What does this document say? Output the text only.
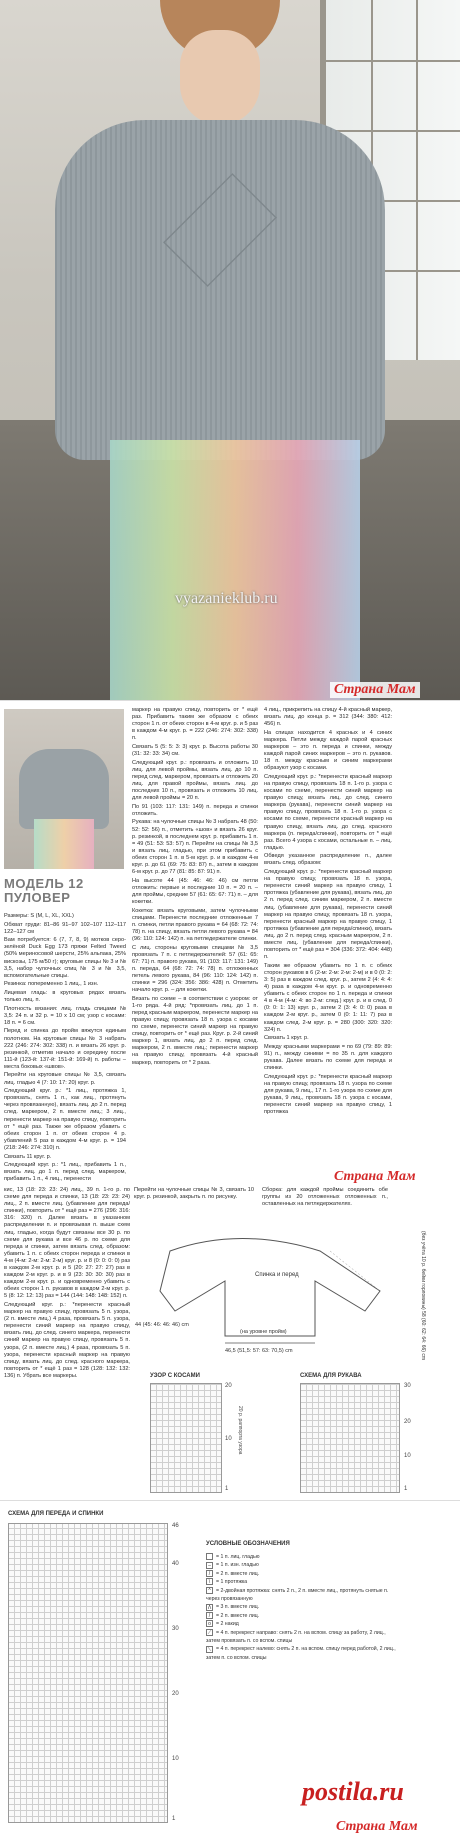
vyazanieklub.ru
Страна Мам
МОДЕЛЬ 12
ПУЛОВЕР

Размеры: S (M, L, XL, XXL)

Обхват груди: 81–86 91–97 102–107 112–117 122–127 см

Вам потребуется: 6 (7, 7, 8, 9) мотков серо-зелёной Duck Egg 173 пряжи Felted Tweed (50% мериносовой шерсти, 25% альпака, 25% вискозы, 175 м/50 г); круговые спицы № 3 и № 3,5, набор чулочных спиц № 3 и № 3,5, вспомогательные спицы.

Резинка: попеременно 1 лиц., 1 изн.

Лицевая гладь: в круговых рядах вязать только лиц. п.

Плотность вязания: лиц. гладь спицами № 3,5: 24 п. и 32 р. = 10 х 10 см; узор с косами: 18 п. = 6 см.

Перед и спинка до пройм вяжутся единым полотном. На круговые спицы № 3 набрать 222 (246: 274: 302: 338) п. и вязать 26 круг. р. резинкой, отметив начало и середину после 111-й (123-й: 137-й: 151-й: 169-й) п. работы – места боковых «швов».

Перейти на круговые спицы № 3,5, связать лиц. гладью 4 (7: 10: 17: 20) круг. р.

Следующий круг. р.: *1 лиц., протяжка 1, провязать, снять 1 п., как лиц., протянуть через провязанную), вязать лиц. до 2 п. перед след. маркером, 2 п. вместе лиц.; 3 лиц., перенести маркер на правую спицу, повторить от * ещё раз. Также же образом убавить с обеих сторон 1 п. от обеих сторон 4 р. убавлений 5 раз в каждом 4-м круг. р. = 194 (218: 246: 274: 310) п.

Связать 11 круг. р.

Следующий круг. р.: *1 лиц., прибавить 1 п., вязать лиц. до 1 п. перед след. маркером, прибавить 1 п., 4 лиц., перенести

маркер на правую спицу, повторить от * ещё раз. Прибавить таким же образом с обеих сторон 1 п. от обеих сторон в 4-м круг. р. и 5 раз в каждом 4-м круг. р. = 222 (246: 274: 302: 338) п.

Связать 5 (5: 5: 3: 3) круг. р. Высота работы 30 (31: 32: 33: 34) см.

Следующий круг. р.: провязать и отложить 10 лиц. для левой проймы, вязать лиц. до 10 п. перед след. маркером, провязать и отложить 20 лиц. для правой проймы, вязать лиц. до последних 10 п., провязать и отложить 10 лиц. для левой проймы = 20 п.

По 91 (103: 117: 131: 149) п. переда и спинки отложить.

Рукава: на чулочные спицы № 3 набрать 48 (50: 52: 52: 56) п., отметить «шов» и вязать 26 круг. р. резинкой, в последнем круг. р. прибавить 1 п. = 49 (51: 53: 53: 57) п. Перейти на спицы № 3,5 и вязать лиц. гладью, при этом прибавить с обеих сторон 1 п. в 5-м круг. р. и в каждом 4-м круг. р. до 61 (69: 75: 83: 87) п., затем в каждом 6-м круг. р. до 77 (81: 85: 87: 91) п.

На высоте 44 (45: 46: 46: 46) см петли отложить: первые и последние 10 п. = 20 п. – для проймы, средние 57 (61: 65: 67: 71) п. – для кокетки.

Кокетка: вязать круговыми, затем чулочными спицами. Перенести последние отложенные 7 п. спинки, петли правого рукава = 64 (68: 72: 74: 78) п. на спицу, вязать петли левого рукава = 84 (96: 110: 124: 142) п. на петледержателе спинки.

С лиц. стороны круговыми спицами № 3,5 провязать 7 п. с петледержателей: 57 (61: 65: 67: 71) п. правого рукава, 91 (103: 117: 131: 149) п. переда, 64 (68: 72: 74: 78) п. отложенных петель левого рукава, 84 (96: 110: 124: 142) п. спинки = 296 (324: 356: 386: 428) п. Отметить начало круг. р. – для кокетки.

Вязать по схеме – в соответствии с узором: от 1-го ряда. 4-й ряд: *провязать лиц. до 1 п. перед красным маркером, перенести маркер на правую спицу, провязать 18 п. узора с косами по схеме, перенести синий маркер на правую спицу, повторить от * ещё раз. Круг. р. 2-й синий маркер 1, вязать лиц. до 2 п. перед след. маркером, 2 п. вместе лиц.; перенести маркер на правую спицу, провязать 4-й красный маркер, повторить от * 2 раза.

4 лиц., прикрепить на спицу 4-й красный маркер, вязать лиц. до конца р. = 312 (344: 380: 412: 456) п.

На спицах находится 4 красных и 4 синих маркера. Петли между каждой парой красных маркеров – это п. переда и спинки, между каждой парой синих маркеров – это п. рукавов. 18 п. между красным и синим маркерами образуют узор с косами.

Следующий круг. р.: *перенести красный маркер на правую спицу, провязать 18 п. 1-го р. узора с косами по схеме, перенести синий маркер на правую спицу, вязать лиц. до след. синего маркера (рукава), перенести синий маркер на правую спицу, провязать 18 п. 1-го р. узора с косами по схеме, перенести красный маркер на правую спицу, вязать лиц. до след. красного маркера (п. переда/спинки), повторить от * ещё раз. Всего 4 узора с косами, остальные п. – лиц. гладью.

Обведя указанное распределение п., далее вязать след. образом:

Следующий круг. р.: *перенести красный маркер на правую спицу, провязать 18 п. узора, перенести синий маркер на правую спицу, 1 протяжка (убавление для рукава), вязать лиц. до 2 п. перед след. синим маркером, 2 п. вместе лиц. (убавление для рукава), перенести синий маркер на правую спицу, провязать 18 п. узора, перенести красный маркер на правую спицу, 1 протяжка (убавление для переда/спинки), вязать лиц. до 2 п. перед след. красным маркером, 2 п. вместе лиц. (убавление для переда/спинки), повторить от * ещё раз = 304 (336: 372: 404: 448) п.

Таким же образом убавить по 1 п. с обеих сторон рукавов в 6 (2-м: 2-м: 2-м: 2-м) и в 0 (0: 2: 3: 5) раз в каждом след. круг. р., затем 2 (4: 4: 4: 4) раза в каждом 4-м круг. р. и одновременно убавить с обеих сторон по 1 п. переда и спинки 4 в 4-м (4-м: 4: во 2-м: след.) круг. р. и в след. 0 (0: 0: 1: 13) круг. р., затем 2 (3: 4: 0: 0) раза в каждом 2-м круг. р., затем 0 (0: 1: 11: 7) раз в каждом след. 2-м круг. р. = 280 (300: 320: 320: 324) п.

Связать 1 круг. р.

Между красными маркерами = по 69 (79: 89: 89: 91) п., между синими = по 35 п. для каждого рукава. Далее вязать по схеме для переда и спинки.

Следующий круг. р.: *перенести красный маркер на правую спицу, провязать 18 п. узора по схеме для рукава, 9 лиц., 17 п. 1-го узора по схеме для рукава, 9 лиц., провязать 18 п. узора с косами, перенести синий маркер на правую спицу, 1 протяжка

Страна Мам

кис, 13 (18: 23: 23: 24) лиц., 39 п. 1-го р. по схеме для переда и спинки, 13 (18: 23: 23: 24) лиц., 2 п. вместе лиц. (убавление для переда/спинки), повторить от * ещё раз = 276 (296: 316: 316: 320) п. Далее вязать в указанном распределении п. и провязывая п. выше схем лиц. гладью, когда будут связаны все 30 р. по схеме для рукава и все 46 р. по схеме для переда и спинки, затем вязать след. образом: убавить 1 п. с обеих сторон переда и спинки в 4-м (4-м: 2-м: 2-м: 2-м) круг. р. и 8 (0: 0: 0: 0) раз в каждом 2-м круг. р. и 5 (20: 27: 27: 27) раз в каждом 2-м круг. р. и в 9 (23: 30: 30: 30) раз в каждом 2-м круг. р. и одновременно убавить с обеих сторон 1 п. рукавов в каждом 2-м круг. р. 5 (8: 12: 12: 13) раз = 144 (144: 148: 148: 152) п.

Следующий круг. р.: *перенести красный маркер на правую спицу, провязать 5 п. узора, (2 п. вместе лиц.) 4 раза, провязать 5 п. узора, перенести синий маркер на правую спицу, вязать лиц. до след. синего маркера, перенести синий маркер на правую спицу, провязать 5 п. узора, (2 п. вместе лиц.) 4 раза, провязать 5 п. узора, перенести красный маркер на правую спицу, вязать лиц. до след. красного маркера, повторить от * ещё 1 раз = 128 (128: 132: 132: 136) п. Убрать все маркеры.

Перейти на чулочные спицы № 3, связать 10 круг. р. резинкой, закрыть п. по рисунку.

Сборка: для каждой проймы соединить обе группы из 20 отложенных отложенных п., оставленных на петледержателях.

Спинка и перед
(на уровне пройм)
44 (45: 46: 46: 46) cm
46,5 (51,5: 57: 63: 70,5) cm	(без учёта 10 р. бейки горловины) 58 (60: 62: 64: 66) cm
УЗОР С КОСАМИ
20
10
1
20 р. раппорта узора
СХЕМА ДЛЯ РУКАВА
30
20
10
1
СХЕМА ДЛЯ ПЕРЕДА И СПИНКИ
46
40
30
20
10
1
УСЛОВНЫЕ ОБОЗНАЧЕНИЯ
= 1 п. лиц. гладью
– = 1 п. изн. гладью
/ = 2 п. вместе лиц.
\ = 1 протяжка
^ = 2-двойная протяжка: снять 2 п., 2 п. вместе лиц., протянуть снятые п. через провязанную
Λ = 3 п. вместе лиц.
/ = 2 п. вместе лиц.
o = 2 накид
⟋ = 4 п. перекрест направо: снять 2 п. на вспом. спицу за работу, 2 лиц., затем провязать п. со вспом. спицы
⟍ = 4 п. перекрест налево: снять 2 п. на вспом. спицу перед работой, 2 лиц., затем п. со вспом. спицы
postila.ru
Страна Мам
